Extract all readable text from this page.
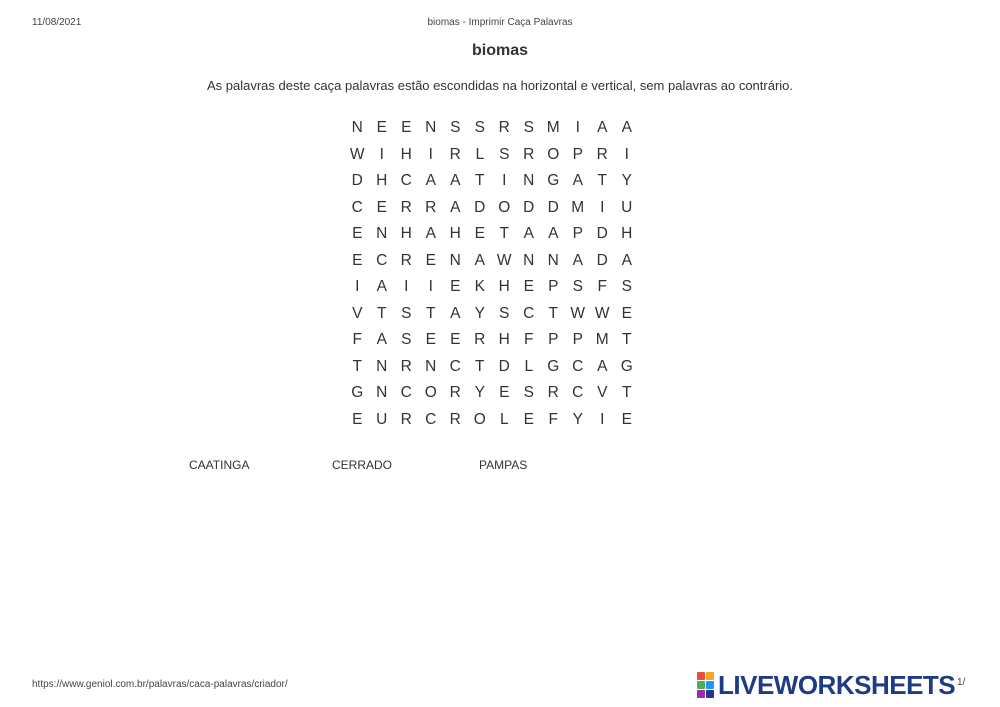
11/08/2021	biomas - Imprimir Caça Palavras
biomas
As palavras deste caça palavras estão escondidas na horizontal e vertical, sem palavras ao contrário.
N E E N S S R S M	I	A A
W I	H	I	R L S R O P R	I
D H C A A T	I	N G A T Y
C E R R A D O D D M	I	U
E N H A H E T A A P D H
E C R E N A W N N A D A
I	A	I	I	E K H E P S F S
V T S T A Y S C T W W E
F A S E E R H F P P M T
T N R N C T D L G C A G
G N C O R Y E S R C V T
E U R C R O L E F Y	I	E
CAATINGA	CERRADO	PAMPAS
https://www.geniol.com.br/palavras/caca-palavras/criador/	LIVEWORKSHEETS 1/
